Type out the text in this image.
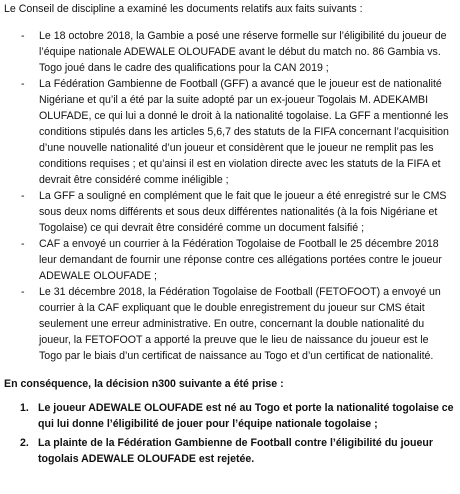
Le Conseil de discipline a examiné les documents relatifs aux faits suivants :

- Le 18 octobre 2018, la Gambie a posé une réserve formelle sur l’éligibilité du joueur de l’équipe nationale ADEWALE OLOUFADE avant le début du match no. 86 Gambia vs. Togo joué dans le cadre des qualifications pour la CAN 2019 ;
- La Fédération Gambienne de Football (GFF) a avancé que le joueur est de nationalité Nigériane et qu’il a été par la suite adopté par un ex-joueur Togolais M. ADEKAMBI OLUFADE, ce qui lui a donné le droit à la nationalité togolaise. La GFF a mentionné les conditions stipulés dans les articles 5,6,7 des statuts de la FIFA concernant l’acquisition d’une nouvelle nationalité d’un joueur et considèrent que le joueur ne remplit pas les conditions requises ; et qu’ainsi il est en violation directe avec les statuts de la FIFA et devrait être considéré comme inéligible ;
- La GFF a souligné en complément que le fait que le joueur a été enregistré sur le CMS sous deux noms différents et sous deux différentes nationalités (à la fois Nigériane et Togolaise) ce qui devrait être considéré comme un document falsifié ;
- CAF a envoyé un courrier à la Fédération Togolaise de Football le 25 décembre 2018 leur demandant de fournir une réponse contre ces allégations portées contre le joueur ADEWALE OLOUFADE ;
- Le 31 décembre 2018, la Fédération Togolaise de Football (FETOFOOT) a envoyé un courrier à la CAF expliquant que le double enregistrement du joueur sur CMS était seulement une erreur administrative. En outre, concernant la double nationalité du joueur, la FETOFOOT a apporté la preuve que le lieu de naissance du joueur est le Togo par le biais d’un certificat de naissance au Togo et d’un certificat de nationalité.

En conséquence, la décision n300 suivante a été prise :

1. Le joueur ADEWALE OLOUFADE est né au Togo et porte la nationalité togolaise ce qui lui donne l’éligibilité de jouer pour l’équipe nationale togolaise ;
2. La plainte de la Fédération Gambienne de Football contre l’éligibilité du joueur togolais ADEWALE OLOUFADE est rejetée.
